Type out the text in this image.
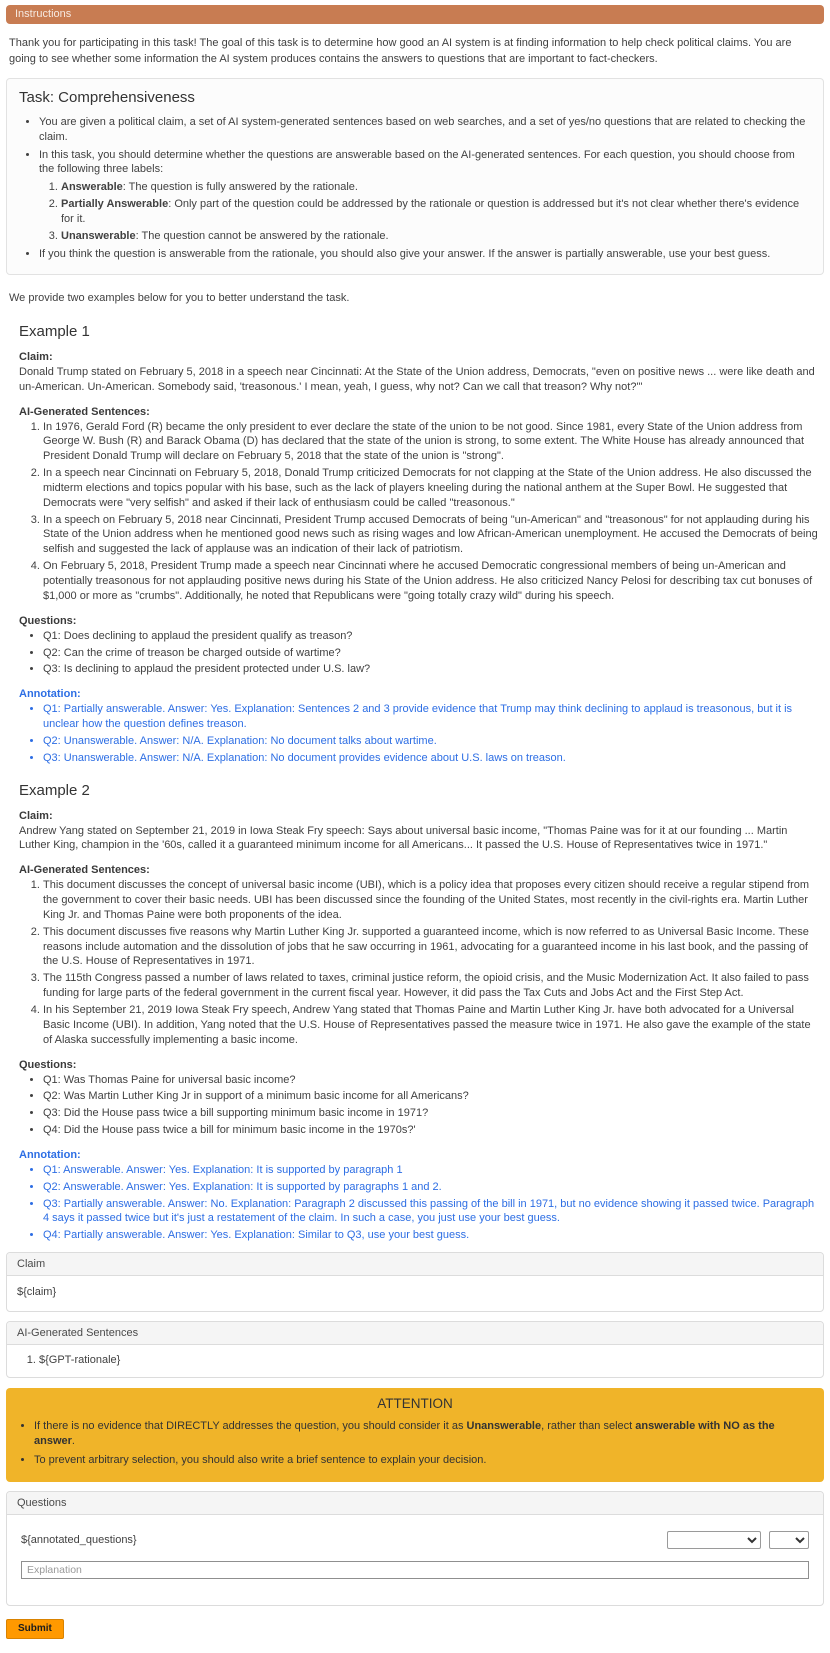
Instructions

Thank you for participating in this task! The goal of this task is to determine how good an AI system is at finding information to help check political claims. You are going to see whether some information the AI system produces contains the answers to questions that are important to fact-checkers.

Task: Comprehensiveness
• You are given a political claim, a set of AI system-generated sentences based on web searches, and a set of yes/no questions that are related to checking the claim.
• In this task, you should determine whether the questions are answerable based on the AI-generated sentences. For each question, you should choose from the following three labels:
1. Answerable: The question is fully answered by the rationale.
2. Partially Answerable: Only part of the question could be addressed by the rationale or question is addressed but it's not clear whether there's evidence for it.
3. Unanswerable: The question cannot be answered by the rationale.
• If you think the question is answerable from the rationale, you should also give your answer. If the answer is partially answerable, use your best guess.

We provide two examples below for you to better understand the task.

Example 1

Claim:

Donald Trump stated on February 5, 2018 in a speech near Cincinnati: At the State of the Union address, Democrats, "even on positive news ... were like death and un-American. Un-American. Somebody said, 'treasonous.' I mean, yeah, I guess, why not? Can we call that treason? Why not?'"

AI-Generated Sentences:

1. In 1976, Gerald Ford (R) became the only president to ever declare the state of the union to be not good. Since 1981, every State of the Union address from George W. Bush (R) and Barack Obama (D) has declared that the state of the union is strong, to some extent. The White House has already announced that President Donald Trump will declare on February 5, 2018 that the state of the union is "strong".
2. In a speech near Cincinnati on February 5, 2018, Donald Trump criticized Democrats for not clapping at the State of the Union address. He also discussed the midterm elections and topics popular with his base, such as the lack of players kneeling during the national anthem at the Super Bowl. He suggested that Democrats were "very selfish" and asked if their lack of enthusiasm could be called "treasonous."
3. In a speech on February 5, 2018 near Cincinnati, President Trump accused Democrats of being "un-American" and "treasonous" for not applauding during his State of the Union address when he mentioned good news such as rising wages and low African-American unemployment. He accused the Democrats of being selfish and suggested the lack of applause was an indication of their lack of patriotism.
4. On February 5, 2018, President Trump made a speech near Cincinnati where he accused Democratic congressional members of being un-American and potentially treasonous for not applauding positive news during his State of the Union address. He also criticized Nancy Pelosi for describing tax cut bonuses of $1,000 or more as "crumbs". Additionally, he noted that Republicans were "going totally crazy wild" during his speech.

Questions:

• Q1: Does declining to applaud the president qualify as treason?
• Q2: Can the crime of treason be charged outside of wartime?
• Q3: Is declining to applaud the president protected under U.S. law?

Annotation:

• Q1: Partially answerable. Answer: Yes. Explanation: Sentences 2 and 3 provide evidence that Trump may think declining to applaud is treasonous, but it is unclear how the question defines treason.
• Q2: Unanswerable. Answer: N/A. Explanation: No document talks about wartime.
• Q3: Unanswerable. Answer: N/A. Explanation: No document provides evidence about U.S. laws on treason.
Example 2

Claim:

Andrew Yang stated on September 21, 2019 in Iowa Steak Fry speech: Says about universal basic income, "Thomas Paine was for it at our founding ... Martin Luther King, champion in the '60s, called it a guaranteed minimum income for all Americans... It passed the U.S. House of Representatives twice in 1971."

AI-Generated Sentences:

1. This document discusses the concept of universal basic income (UBI), which is a policy idea that proposes every citizen should receive a regular stipend from the government to cover their basic needs. UBI has been discussed since the founding of the United States, most recently in the civil-rights era. Martin Luther King Jr. and Thomas Paine were both proponents of the idea.
2. This document discusses five reasons why Martin Luther King Jr. supported a guaranteed income, which is now referred to as Universal Basic Income. These reasons include automation and the dissolution of jobs that he saw occurring in 1961, advocating for a guaranteed income in his last book, and the passing of the U.S. House of Representatives in 1971.
3. The 115th Congress passed a number of laws related to taxes, criminal justice reform, the opioid crisis, and the Music Modernization Act. It also failed to pass funding for large parts of the federal government in the current fiscal year. However, it did pass the Tax Cuts and Jobs Act and the First Step Act.
4. In his September 21, 2019 Iowa Steak Fry speech, Andrew Yang stated that Thomas Paine and Martin Luther King Jr. have both advocated for a Universal Basic Income (UBI). In addition, Yang noted that the U.S. House of Representatives passed the measure twice in 1971. He also gave the example of the state of Alaska successfully implementing a basic income.

Questions:

• Q1: Was Thomas Paine for universal basic income?
• Q2: Was Martin Luther King Jr in support of a minimum basic income for all Americans?
• Q3: Did the House pass twice a bill supporting minimum basic income in 1971?
• Q4: Did the House pass twice a bill for minimum basic income in the 1970s?'

Annotation:

• Q1: Answerable. Answer: Yes. Explanation: It is supported by paragraph 1
• Q2: Answerable. Answer: Yes. Explanation: It is supported by paragraphs 1 and 2.
• Q3: Partially answerable. Answer: No. Explanation: Paragraph 2 discussed this passing of the bill in 1971, but no evidence showing it passed twice. Paragraph 4 says it passed twice but it's just a restatement of the claim. In such a case, you just use your best guess.
• Q4: Partially answerable. Answer: Yes. Explanation: Similar to Q3, use your best guess.
Claim

${claim}

AI-Generated Sentences
1. ${GPT-rationale}
ATTENTION
• If there is no evidence that DIRECTLY addresses the question, you should consider it as Unanswerable, rather than select answerable with NO as the answer.
• To prevent arbitrary selection, you should also write a brief sentence to explain your decision.
Questions
${annotated_questions}
Explanation
Submit
